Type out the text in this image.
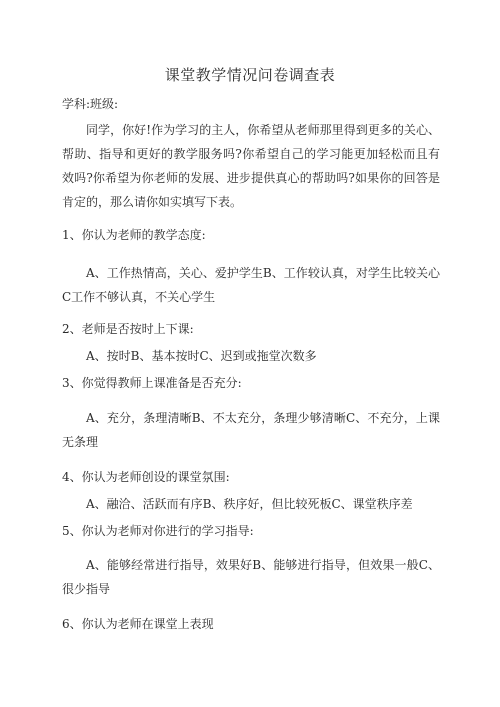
课堂教学情况问卷调查表
学科:班级:
同学，你好!作为学习的主人，你希望从老师那里得到更多的关心、帮助、指导和更好的教学服务吗?你希望自己的学习能更加轻松而且有效吗?你希望为你老师的发展、进步提供真心的帮助吗?如果你的回答是肯定的，那么请你如实填写下表。
1、你认为老师的教学态度:
A、工作热情高，关心、爱护学生B、工作较认真，对学生比较关心C工作不够认真，不关心学生
2、老师是否按时上下课:
A、按时B、基本按时C、迟到或拖堂次数多
3、你觉得教师上课准备是否充分:
A、充分，条理清晰B、不太充分，条理少够清晰C、不充分，上课无条理
4、你认为老师创设的课堂氛围:
A、融洽、活跃而有序B、秩序好，但比较死板C、课堂秩序差
5、你认为老师对你进行的学习指导:
A、能够经常进行指导，效果好B、能够进行指导，但效果一般C、很少指导
6、你认为老师在课堂上表现
